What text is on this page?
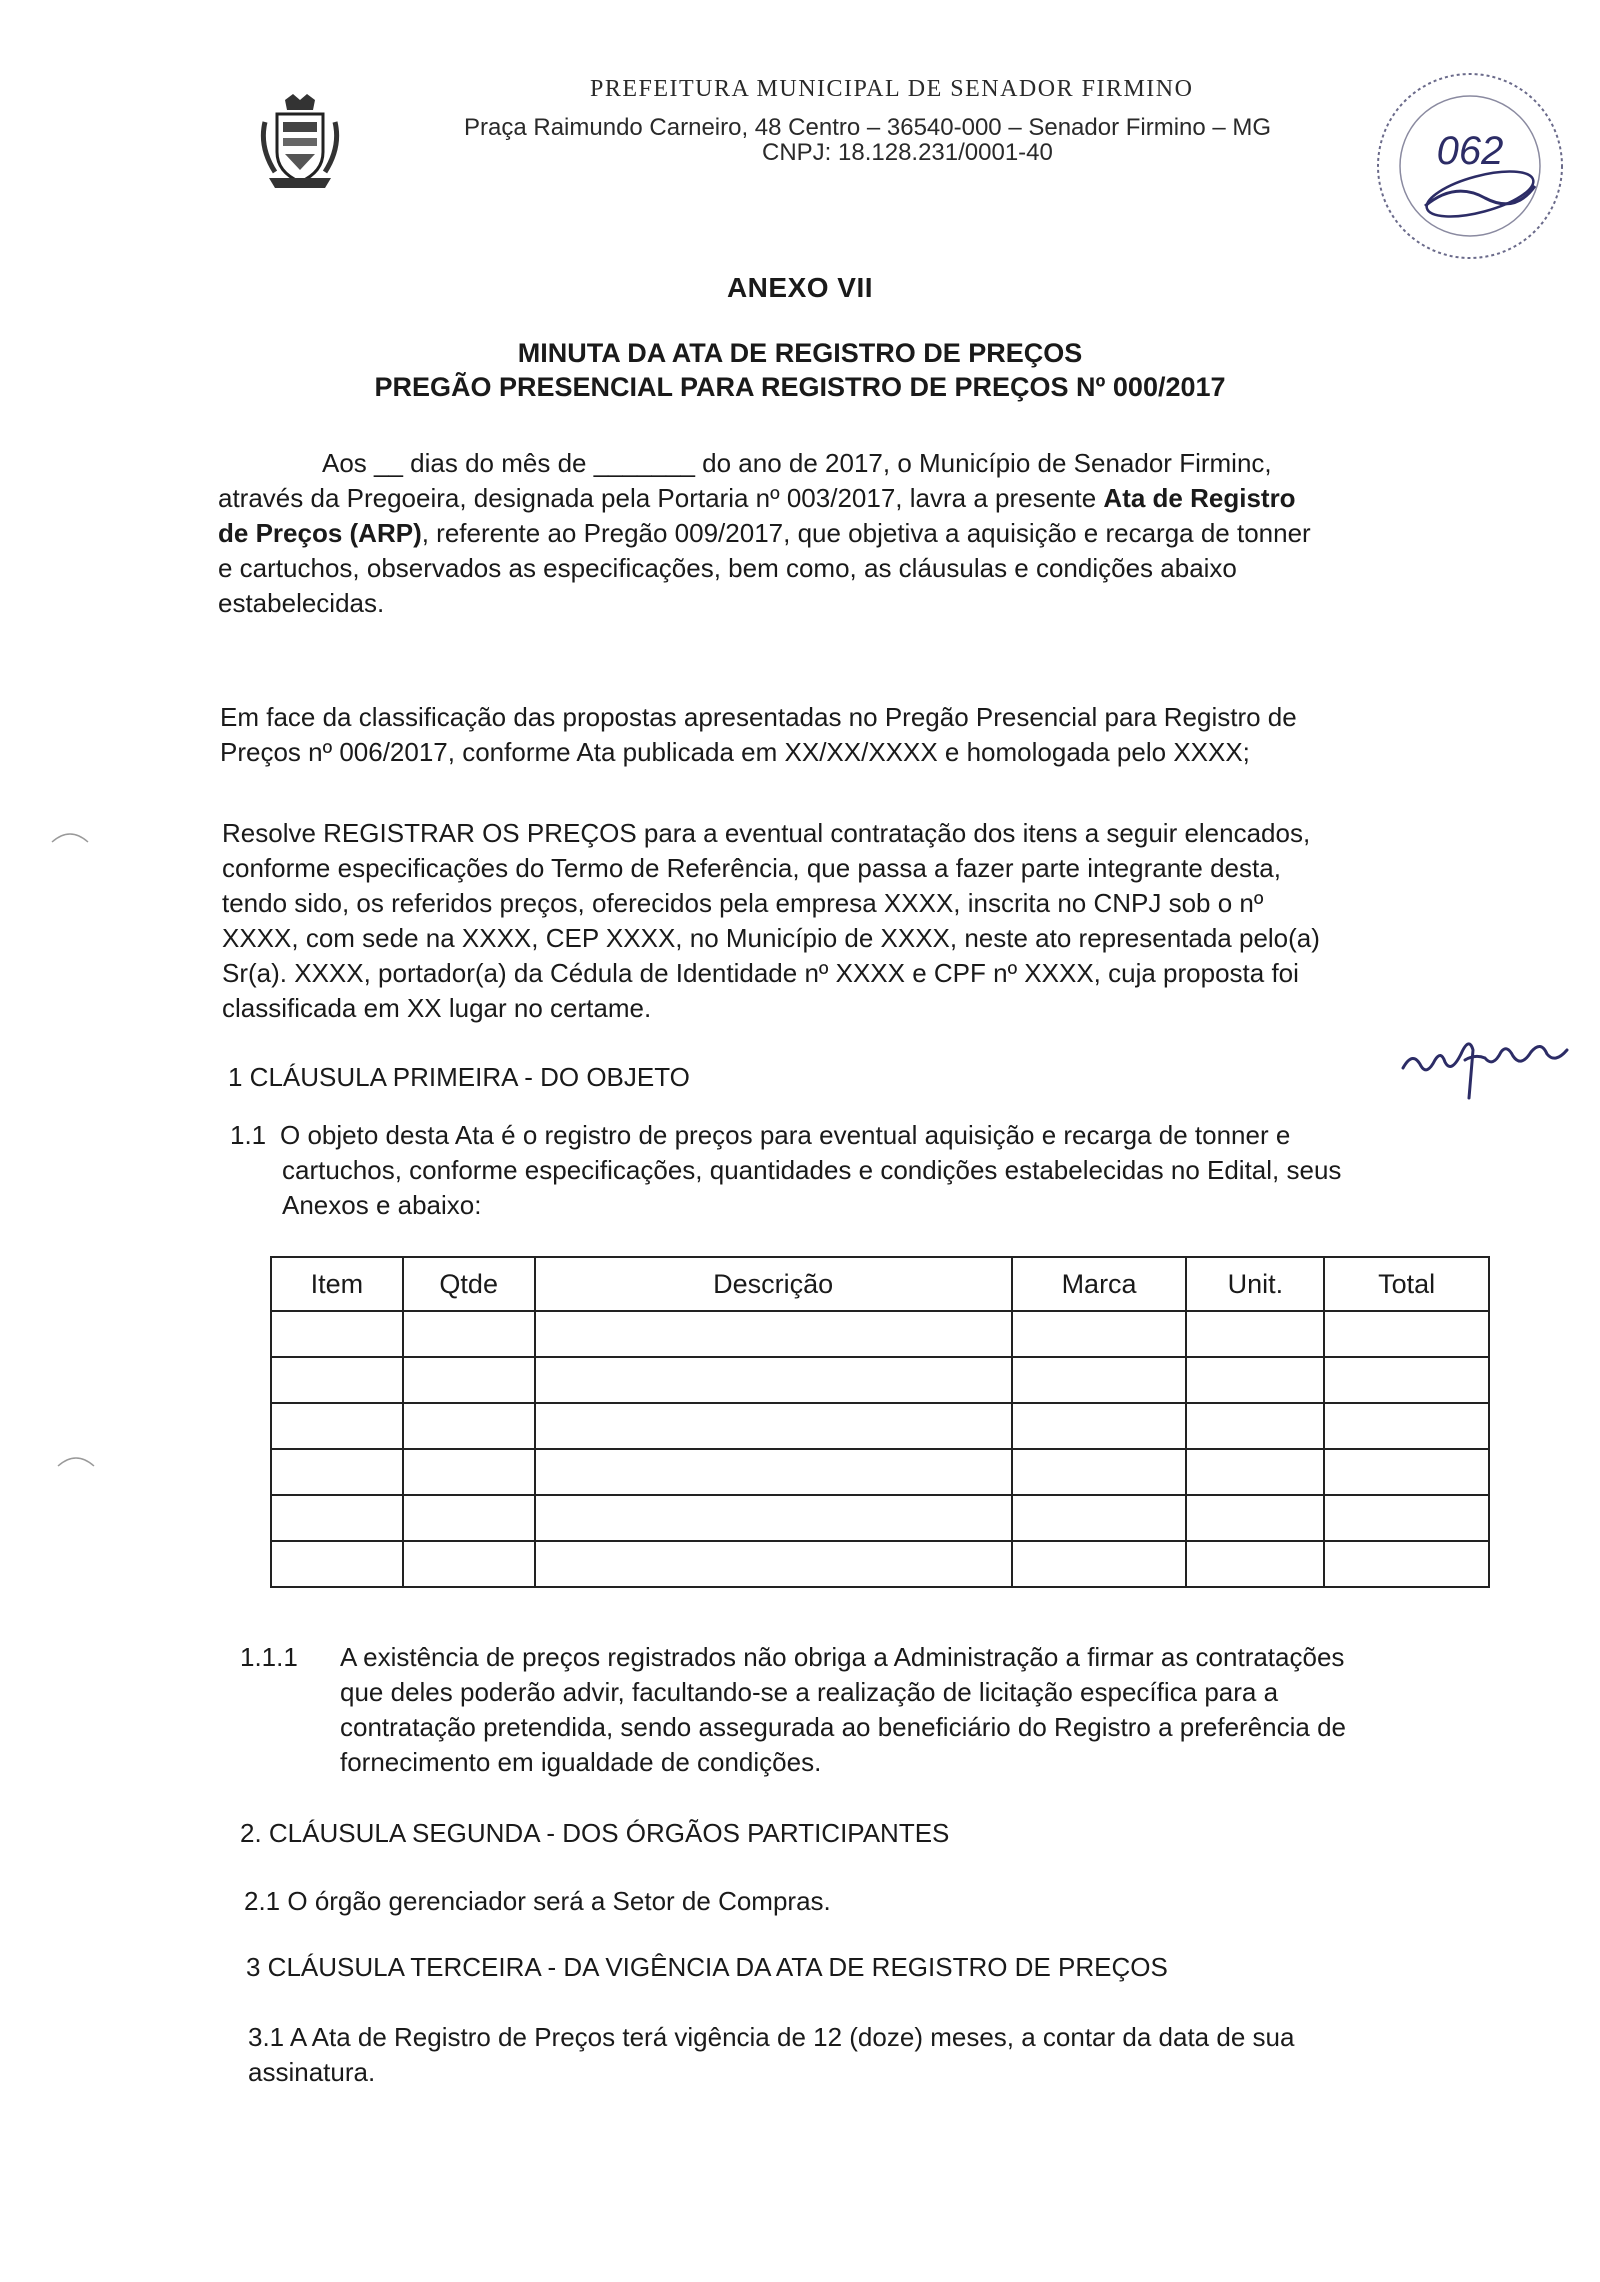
PREFEITURA MUNICIPAL DE SENADOR FIRMINO
Praça Raimundo Carneiro, 48 Centro – 36540-000 – Senador Firmino – MG
CNPJ: 18.128.231/0001-40	062
ANEXO VII
MINUTA DA ATA DE REGISTRO DE PREÇOS
PREGÃO PRESENCIAL PARA REGISTRO DE PREÇOS Nº 000/2017
Aos __ dias do mês de _______ do ano de 2017, o Município de Senador Firminc,
através da Pregoeira, designada pela Portaria nº 003/2017, lavra a presente Ata de Registro
de Preços (ARP), referente ao Pregão 009/2017, que objetiva a aquisição e recarga de tonner
e cartuchos, observados as especificações, bem como, as cláusulas e condições abaixo
estabelecidas.
Em face da classificação das propostas apresentadas no Pregão Presencial para Registro de
Preços nº 006/2017, conforme Ata publicada em XX/XX/XXXX e homologada pelo XXXX;
Resolve REGISTRAR OS PREÇOS para a eventual contratação dos itens a seguir elencados,
conforme especificações do Termo de Referência, que passa a fazer parte integrante desta,
tendo sido, os referidos preços, oferecidos pela empresa XXXX, inscrita no CNPJ sob o nº
XXXX, com sede na XXXX, CEP XXXX, no Município de XXXX, neste ato representada pelo(a)
Sr(a). XXXX, portador(a) da Cédula de Identidade nº XXXX e CPF nº XXXX, cuja proposta foi
classificada em XX lugar no certame.
1 CLÁUSULA PRIMEIRA - DO OBJETO
1.1 O objeto desta Ata é o registro de preços para eventual aquisição e recarga de tonner e
cartuchos, conforme especificações, quantidades e condições estabelecidas no Edital, seus
Anexos e abaixo:
Item	Qtde	Descrição	Marca	Unit.	Total

1.1.1	A existência de preços registrados não obriga a Administração a firmar as contratações
que deles poderão advir, facultando-se a realização de licitação específica para a
contratação pretendida, sendo assegurada ao beneficiário do Registro a preferência de
fornecimento em igualdade de condições.
2. CLÁUSULA SEGUNDA - DOS ÓRGÃOS PARTICIPANTES
2.1 O órgão gerenciador será a Setor de Compras.
3 CLÁUSULA TERCEIRA - DA VIGÊNCIA DA ATA DE REGISTRO DE PREÇOS
3.1 A Ata de Registro de Preços terá vigência de 12 (doze) meses, a contar da data de sua
assinatura.
